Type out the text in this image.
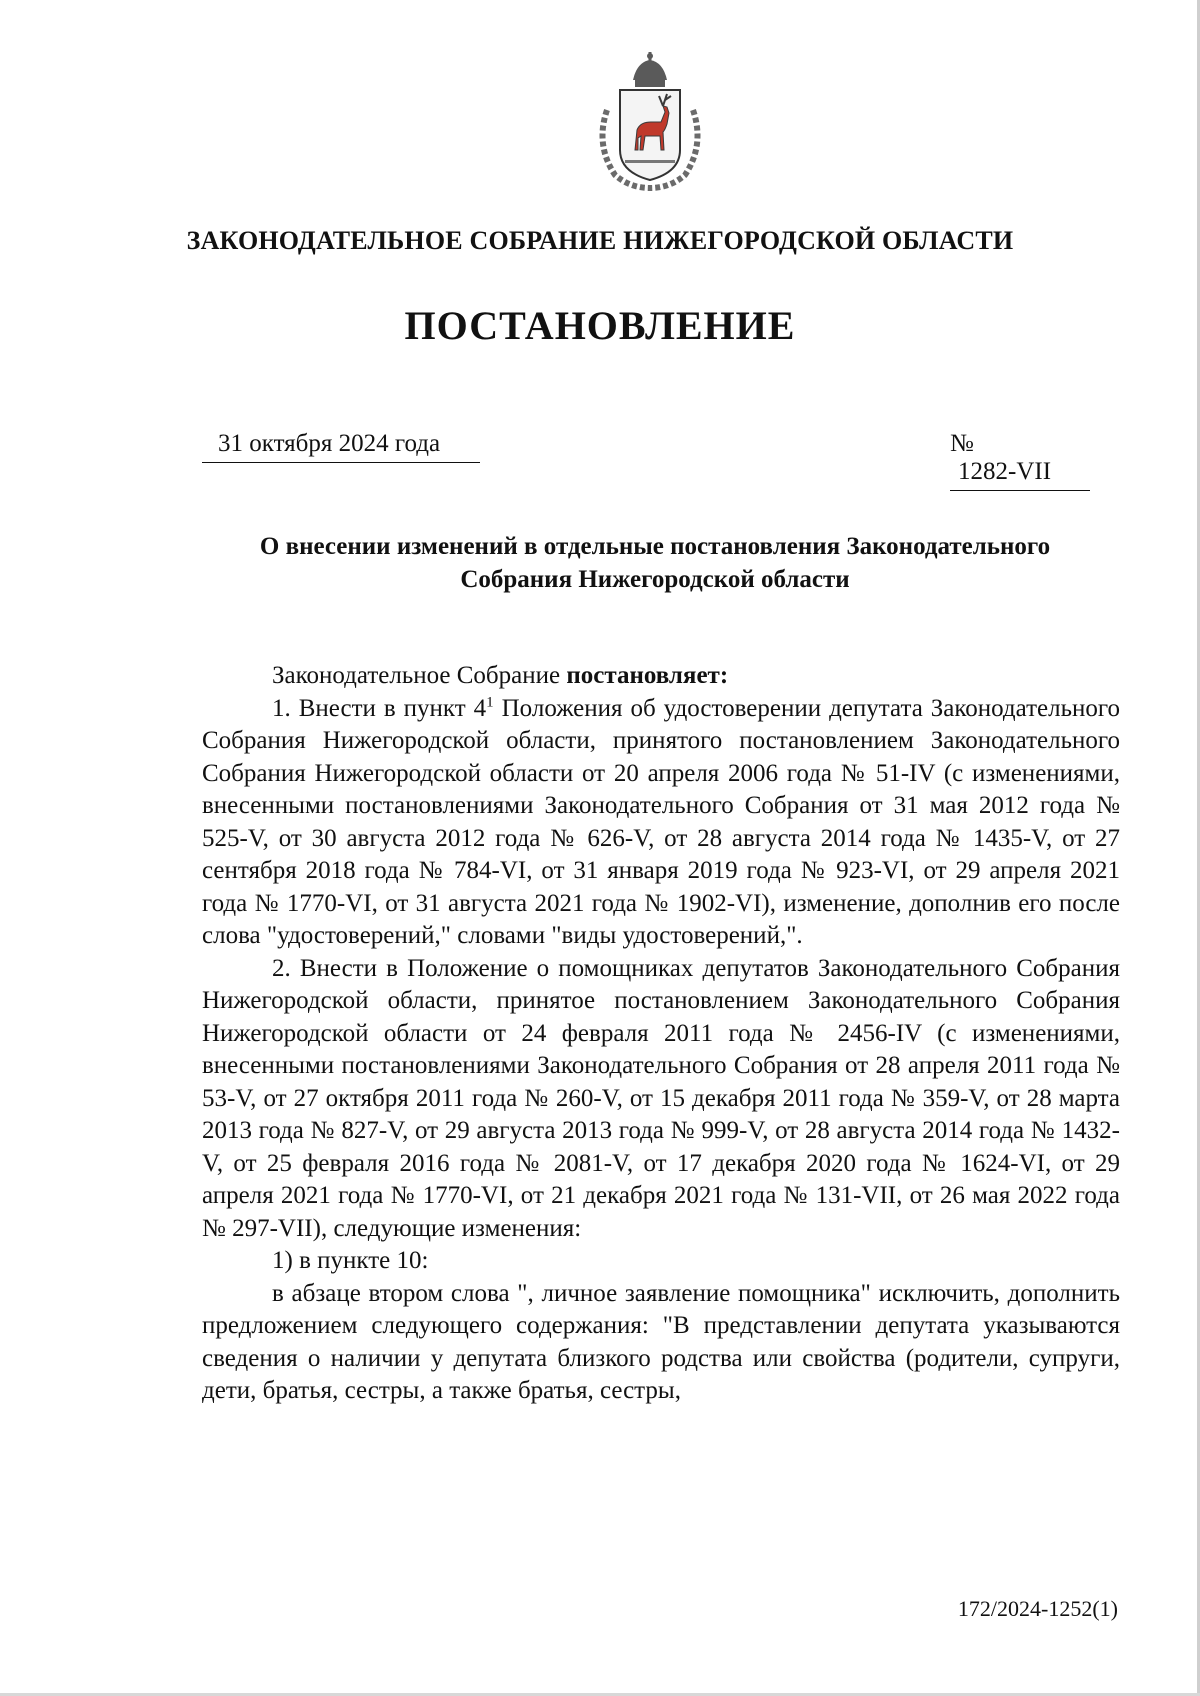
ЗАКОНОДАТЕЛЬНОЕ СОБРАНИЕ НИЖЕГОРОДСКОЙ ОБЛАСТИ
ПОСТАНОВЛЕНИЕ
31 октября 2024 года	№ 1282-VII
О внесении изменений в отдельные постановления Законодательного
Собрания Нижегородской области

Законодательное Собрание постановляет:

1. Внести в пункт $4^1$ Положения об удостоверении депутата Законодательного Собрания Нижегородской области, принятого постановлением Законодательного Собрания Нижегородской области от 20 апреля 2006 года № 51-IV (с изменениями, внесенными постановлениями Законодательного Собрания от 31 мая 2012 года № 525-V, от 30 августа 2012 года № 626-V, от 28 августа 2014 года № 1435-V, от 27 сентября 2018 года № 784-VI, от 31 января 2019 года № 923-VI, от 29 апреля 2021 года № 1770-VI, от 31 августа 2021 года № 1902-VI), изменение, дополнив его после слова "удостоверений," словами "виды удостоверений,".

2. Внести в Положение о помощниках депутатов Законодательного Собрания Нижегородской области, принятое постановлением Законодательного Собрания Нижегородской области от 24 февраля 2011 года № 2456-IV (с изменениями, внесенными постановлениями Законодательного Собрания от 28 апреля 2011 года № 53-V, от 27 октября 2011 года № 260-V, от 15 декабря 2011 года № 359-V, от 28 марта 2013 года № 827-V, от 29 августа 2013 года № 999-V, от 28 августа 2014 года № 1432-V, от 25 февраля 2016 года № 2081-V, от 17 декабря 2020 года № 1624-VI, от 29 апреля 2021 года № 1770-VI, от 21 декабря 2021 года № 131-VII, от 26 мая 2022 года № 297-VII), следующие изменения:

1) в пункте 10:

в абзаце втором слова ", личное заявление помощника" исключить, дополнить предложением следующего содержания: "В представлении депутата указываются сведения о наличии у депутата близкого родства или свойства (родители, супруги, дети, братья, сестры, а также братья, сестры,

172/2024-1252(1)
